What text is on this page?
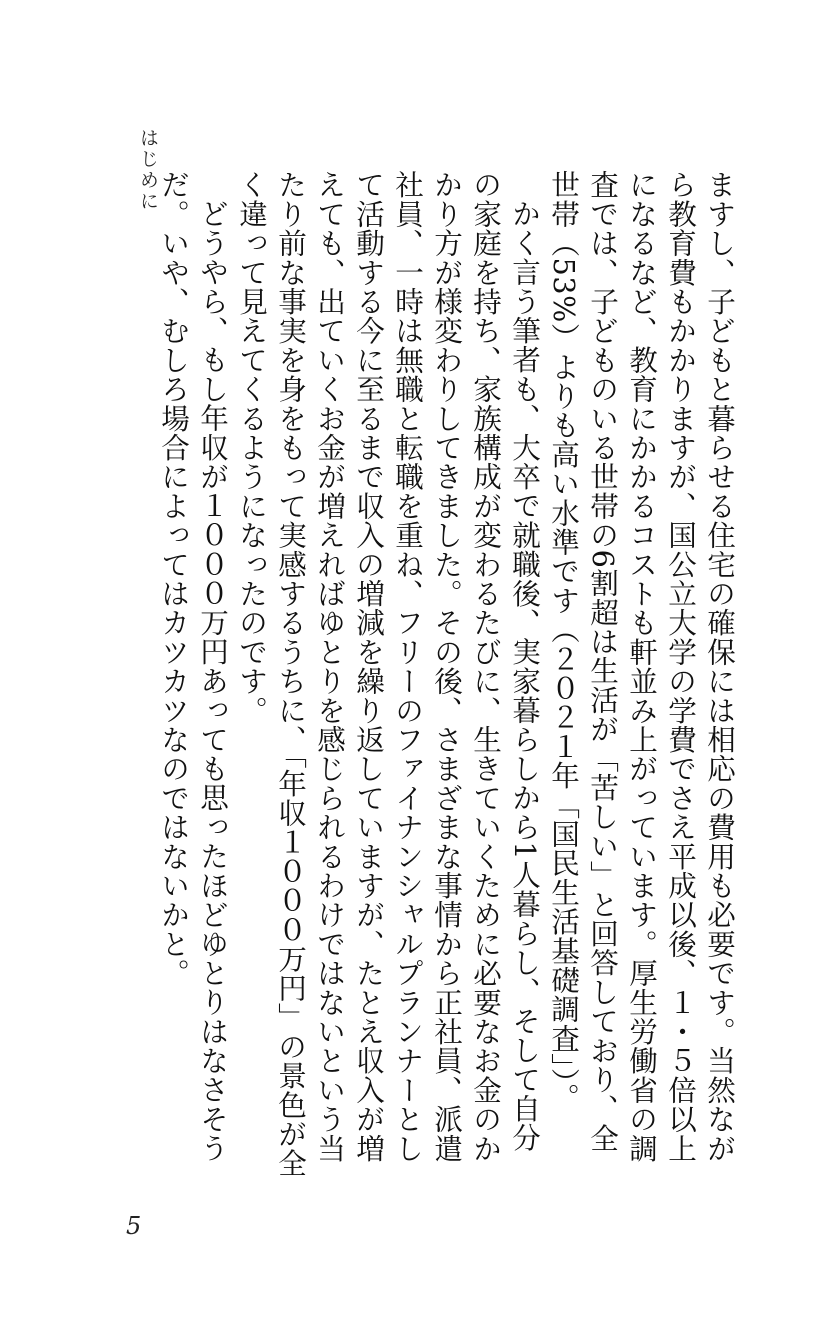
はじめに	ますし、子どもと暮らせる住宅の確保には相応の費用も必要です。当然ながら教育費もかかりますが、国公立大学の学費でさえ平成以後、１・５倍以上になるなど、教育にかかるコストも軒並み上がっています。厚生労働省の調査では、子どものいる世帯の6割超は生活が「苦しい」と回答しており、全世帯（53%）よりも高い水準です（２０２１年「国民生活基礎調査」）。

かく言う筆者も、大卒で就職後、実家暮らしから1人暮らし、そして自分の家庭を持ち、家族構成が変わるたびに、生きていくために必要なお金のかかり方が様変わりしてきました。その後、さまざまな事情から正社員、派遣社員、一時は無職と転職を重ね、フリーのファイナンシャルプランナーとして活動する今に至るまで収入の増減を繰り返していますが、たとえ収入が増えても、出ていくお金が増えればゆとりを感じられるわけではないという当たり前な事実を身をもって実感するうちに、「年収１０００万円」の景色が全く違って見えてくるようになったのです。

どうやら、もし年収が１０００万円あっても思ったほどゆとりはなさそうだ。いや、むしろ場合によってはカツカツなのではないかと。

5
